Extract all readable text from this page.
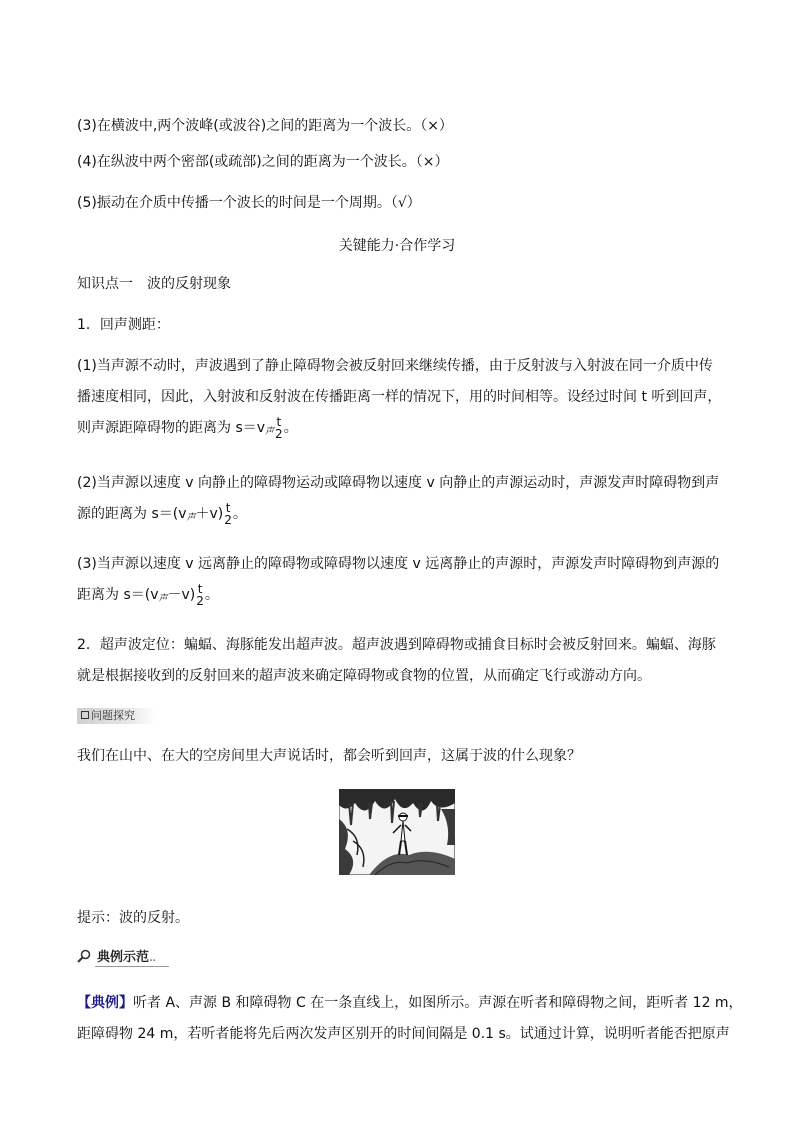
(3)在横波中,两个波峰(或波谷)之间的距离为一个波长。（×）

(4)在纵波中两个密部(或疏部)之间的距离为一个波长。（×）

(5)振动在介质中传播一个波长的时间是一个周期。（√）

关键能力·合作学习

知识点一　波的反射现象

1．回声测距：

(1)当声源不动时，声波遇到了静止障碍物会被反射回来继续传播，由于反射波与入射波在同一介质中传
播速度相同，因此，入射波和反射波在传播距离一样的情况下，用的时间相等。设经过时间 t 听到回声，
则声源距障碍物的距离为 $s=v_声$
t
2 。
(2)当声源以速度 v 向静止的障碍物运动或障碍物以速度 v 向静止的声源运动时，声源发声时障碍物到声
源的距离为 $s=(v_声+v)$ t
2 。
(3)当声源以速度 v 远离静止的障碍物或障碍物以速度 v 远离静止的声源时，声源发声时障碍物到声源的
距离为 $s=(v_声-v)$ t
2 。
2．超声波定位：蝙蝠、海豚能发出超声波。超声波遇到障碍物或捕食目标时会被反射回来。蝙蝠、海豚
就是根据接收到的反射回来的超声波来确定障碍物或食物的位置，从而确定飞行或游动方向。
问题探究

我们在山中、在大的空房间里大声说话时，都会听到回声，这属于波的什么现象？

提示：波的反射。

典例示范..
【典例】听者 A、声源 B 和障碍物 C 在一条直线上，如图所示。声源在听者和障碍物之间，距听者 12 m，
距障碍物 24 m，若听者能将先后两次发声区别开的时间间隔是 0.1 s。试通过计算，说明听者能否把原声
